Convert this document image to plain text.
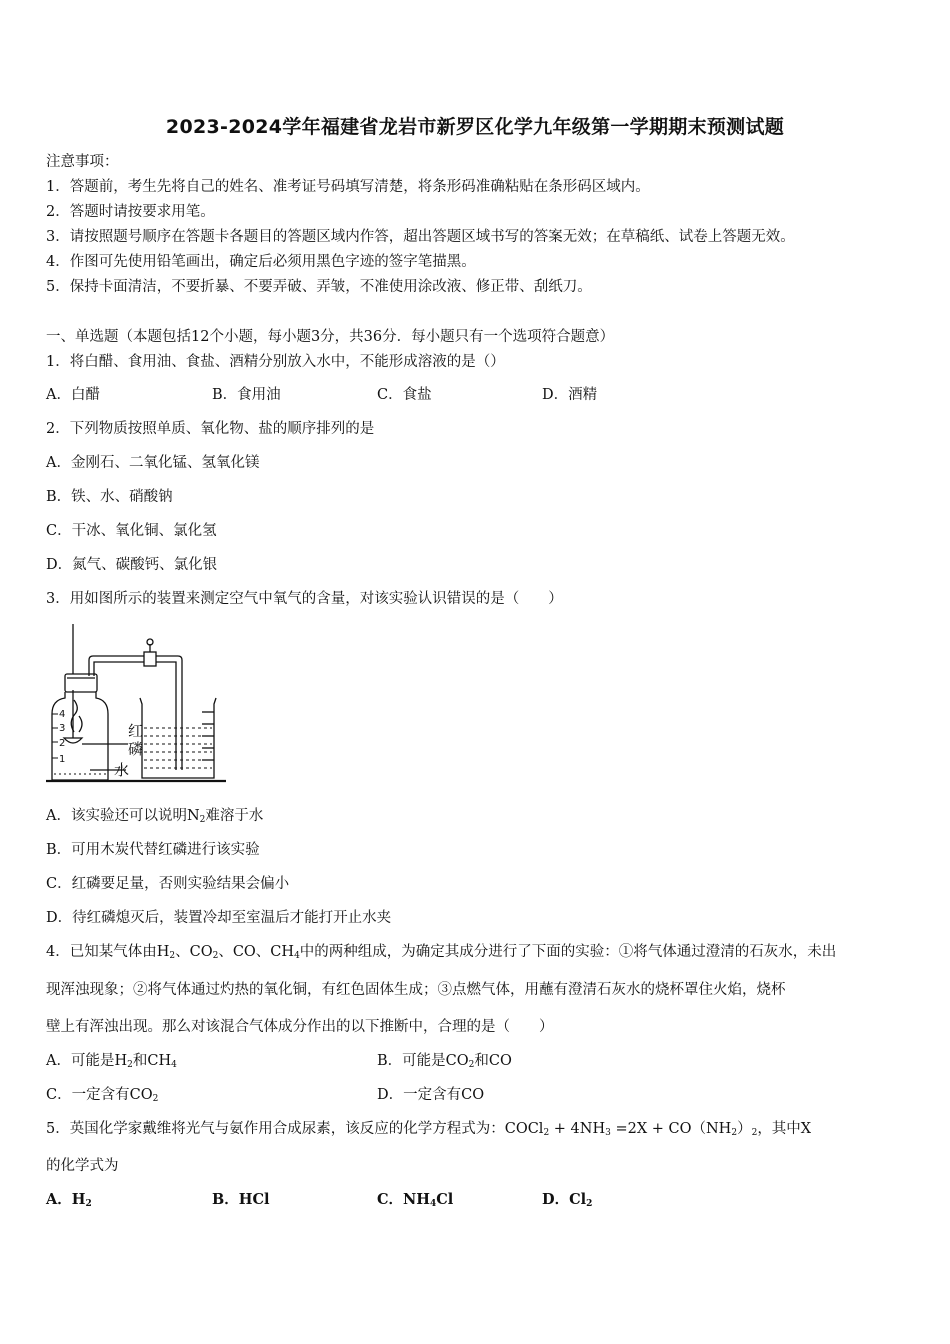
2023-2024学年福建省龙岩市新罗区化学九年级第一学期期末预测试题
注意事项：
1．答题前，考生先将自己的姓名、准考证号码填写清楚，将条形码准确粘贴在条形码区域内。
2．答题时请按要求用笔。
3．请按照题号顺序在答题卡各题目的答题区域内作答，超出答题区域书写的答案无效；在草稿纸、试卷上答题无效。
4．作图可先使用铅笔画出，确定后必须用黑色字迹的签字笔描黑。
5．保持卡面清洁，不要折暴、不要弄破、弄皱，不准使用涂改液、修正带、刮纸刀。
一、单选题（本题包括12个小题，每小题3分，共36分．每小题只有一个选项符合题意）
1．将白醋、食用油、食盐、酒精分别放入水中，不能形成溶液的是（）
A．白醋	B．食用油	C．食盐	D．酒精
2．下列物质按照单质、氧化物、盐的顺序排列的是
A．金刚石、二氧化锰、氢氧化镁
B．铁、水、硝酸钠
C．干冰、氧化铜、氯化氢
D．氮气、碳酸钙、氯化银
3．用如图所示的装置来测定空气中氧气的含量，对该实验认识错误的是（　　）
4
3
2
1
红
磷
水
A．该实验还可以说明$N_2$难溶于水
B．可用木炭代替红磷进行该实验
C．红磷要足量，否则实验结果会偏小
D．待红磷熄灭后，装置冷却至室温后才能打开止水夹
4．已知某气体由$H_2$、$CO_2$、CO、$CH_4$中的两种组成，为确定其成分进行了下面的实验：①将气体通过澄清的石灰水，未出
现浑浊现象；②将气体通过灼热的氧化铜，有红色固体生成；③点燃气体，用蘸有澄清石灰水的烧杯罩住火焰，烧杯
壁上有浑浊出现。那么对该混合气体成分作出的以下推断中，合理的是（　　）
A．可能是$H_2$和$CH_4$	B．可能是$CO_2$和CO
C．一定含有$CO_2$	D．一定含有CO
5．英国化学家戴维将光气与氨作用合成尿素，该反应的化学方程式为：COCl$_2$ + $4NH_3 =2X + CO(NH_2)_2$，其中X
的化学式为
A．$H_2$	B．HCl	C．$NH_4Cl$	D．$Cl_2$
